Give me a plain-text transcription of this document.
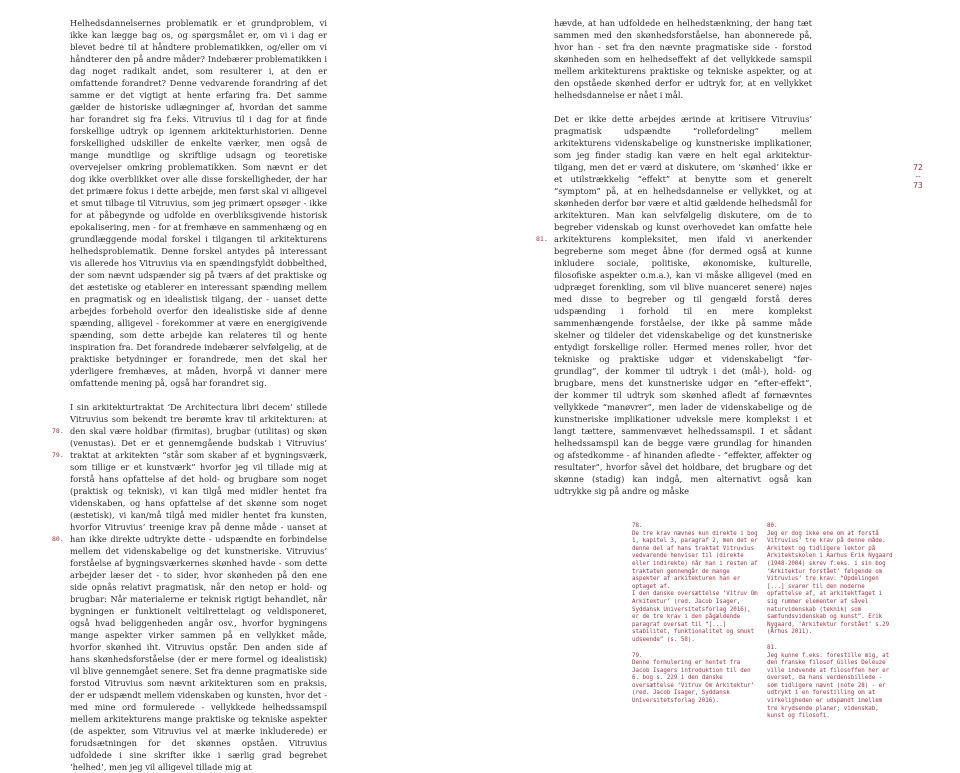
Helhedsdannelsernes problematik er et grundproblem, vi ikke kan lægge bag os, og spørgsmålet er, om vi i dag er blevet bedre til at håndtere problematikken, og/eller om vi håndterer den på andre måder? Indebærer problematikken i dag noget radikalt andet, som resulterer i, at den er omfattende forandret? Denne vedvarende forandring af det samme er det vigtigt at hente erfaring fra. Det samme gælder de historiske udlægninger af, hvordan det samme har forandret sig fra f.eks. Vitruvius til i dag for at finde forskellige udtryk op igennem arkitekturhistorien. Denne forskellighed udskiller de enkelte værker, men også de mange mundtlige og skriftlige udsagn og teoretiske overvejelser omkring problematikken. Som nævnt er det dog ikke overblikket over alle disse forskelligheder, der har det primære fokus i dette arbejde, men først skal vi alligevel et smut tilbage til Vitruvius, som jeg primært opsøger - ikke for at påbegynde og udfolde en overbliksgivende historisk epokalisering, men - for at fremhæve en sammenhæng og en grundlæggende modal forskel i tilgangen til arkitekturens helhedsproblematik. Denne forskel antydes på interessant vis allerede hos Vitruvius via en spændingsfyldt dobbelthed, der som nævnt udspænder sig på tværs af det praktiske og det æstetiske og etablerer en interessant spænding mellem en pragmatisk og en idealistisk tilgang, der - uanset dette arbejdes forbehold overfor den idealistiske side af denne spænding, alligevel - forekommer at være en energigivende spænding, som dette arbejde kan relateres til og hente inspiration fra. Det forandrede indebærer selvfølgelig, at de praktiske betydninger er forandrede, men det skal her yderligere fremhæves, at måden, hvorpå vi danner mere omfattende mening på, også har forandret sig.

I sin arkitekturtraktat ‘De Architectura libri decem’ stillede Vitruvius som bekendt tre berømte krav til arkitekturen: at den skal være holdbar (firmitas), brugbar (utilitas) og skøn (venustas). Det er et gennemgående budskab i Vitruvius’ traktat at arkitekten “står som skaber af et bygningsværk, som tillige er et kunstværk” hvorfor jeg vil tillade mig at forstå hans opfattelse af det hold- og brugbare som noget (praktisk og teknisk), vi kan tilgå med midler hentet fra videnskaben, og hans opfattelse af det skønne som noget (æstetisk), vi kan/må tilgå med midler hentet fra kunsten, hvorfor Vitruvius’ treenige krav på denne måde - uanset at han ikke direkte udtrykte dette - udspændte en forbindelse mellem det videnskabelige og det kunstneriske. Vitruvius’ forståelse af bygningsværkernes skønhed havde - som dette arbejder læser det - to sider, hvor skønheden på den ene side opnås relativt pragmatisk, når den netop er hold- og brugbar: Når materialerne er teknisk rigtigt behandlet, når bygningen er funktionelt veltilrettelagt og veldisponeret, også hvad beliggenheden angår osv., hvorfor bygningens mange aspekter virker sammen på en vellykket måde, hvorfor skønhed iht. Vitruvius opstår. Den anden side af hans skønhedsforståelse (der er mere formel og idealistisk) vil blive gennemgået senere. Set fra denne pragmatiske side forstod Vitruvius som nævnt arkitekturen som en praksis, der er udspændt mellem videnskaben og kunsten, hvor det - med mine ord formulerede - vellykkede helhedssamspil mellem arkitekturens mange praktiske og tekniske aspekter (de aspekter, som Vitruvius vel at mærke inkluderede) er forudsætningen for det skønnes opståen. Vitruvius udfoldede i sine skrifter ikke i særlig grad begrebet ‘helhed’, men jeg vil alligevel tillade mig at

78.
79.
80.

hævde, at han udfoldede en helhedstænkning, der hang tæt sammen med den skønhedsforståelse, han abonnerede på, hvor han - set fra den nævnte pragmatiske side - forstod skønheden som en helhedseffekt af det vellykkede samspil mellem arkitekturens praktiske og tekniske aspekter, og at den opståede skønhed derfor er udtryk for, at en vellykket helhedsdannelse er nået i mål.

Det er ikke dette arbejdes ærinde at kritisere Vitruvius’ pragmatisk udspændte “rollefordeling” mellem arkitekturens videnskabelige og kunstneriske implikationer, som jeg finder stadig kan være en helt egal arkitektur-tilgang, men det er værd at diskutere, om ‘skønhed’ ikke er et utilstrækkelig “effekt” at benytte som et generelt “symptom” på, at en helhedsdannelse er vellykket, og at skønheden derfor bør være et altid gældende helhedsmål for arkitekturen. Man kan selvfølgelig diskutere, om de to begreber videnskab og kunst overhovedet kan omfatte hele arkitekturens kompleksitet, men ifald vi anerkender begreberne som meget åbne (for dermed også at kunne inkludere sociale, politiske, økonomiske, kulturelle, filosofiske aspekter o.m.a.), kan vi måske alligevel (med en udpræget forenkling, som vil blive nuanceret senere) nøjes med disse to begreber og til gengæld forstå deres udspænding i forhold til en mere komplekst sammenhængende forståelse, der ikke på samme måde skelner og tildeler det videnskabelige og det kunstneriske entydigt forskellige roller. Hermed menes roller, hvor det tekniske og praktiske udgør et videnskabeligt “før-grundlag”, der kommer til udtryk i det (mål-), hold- og brugbare, mens det kunstneriske udgør en “efter-effekt”, der kommer til udtryk som skønhed afledt af førnævntes vellykkede “manøvrer”, men lader de videnskabelige og de kunstneriske implikationer udveksle mere komplekst i et langt tættere, sammenvævet helhedssamspil. I et sådant helhedssamspil kan de begge være grundlag for hinanden og afstedkomme - af hinanden afledte - “effekter, affekter og resultater”, hvorfor såvel det holdbare, det brugbare og det skønne (stadig) kan indgå, men alternativt også kan udtrykke sig på andre og måske

81.
72
—
73
78.
De tre krav nævnes kun direkte i bog 1, kapitel 3, paragraf 2, men det er denne del af hans traktat Vitruvius vedvarende henviser til (direkte eller indirekte) når han i resten af traktaten gennemgår de mange aspekter af arkitekturen han er optaget af.
I den danske oversættelse ‘Vitruv Om Arkitektur’ (red. Jacob Isager, Syddansk Universitetsforlag 2016), er de tre krav i den pågældende paragraf oversat til “[...] stabilitet, funktionalitet og smukt udseende” (s. 58).
79.
Denne formulering er hentet fra Jacob Isagers introduktion til den 6. bog s. 229 i den danske oversættelse ‘Vitruv Om Arkitektur’ (red. Jacob Isager, Syddansk Universitetsforlag 2016).
80.
Jeg er dog ikke ene om at forstå Vitruvius’ tre krav på denne måde. Arkitekt og tidligere lektor på Arkitektskolen i Aarhus Erik Nygaard (1948-2004) skrev f.eks. i sin bog ‘Arkitektur forstået’ følgende om Vitruvius’ tre krav: “Opdelingen [...] svarer til den moderne opfattelse af, at arkitektfaget i sig rummer elementer af såvel naturvidenskab (teknik) som samfundsvidenskab og kunst”. Erik Nygaard, ‘Arkitektur forstået’ s.29 (Århus 2011).
81.
Jeg kunne f.eks. forestille mig, at den franske filosof Gilles Deleuze ville indvende at filosoffen her er overset, da hans verdensbillede - som tidligere nævnt (note 28) - er udtrykt i en forestilling om at virkeligheden er udspændt imellem tre krydsende planer; videnskab, kunst og filosofi.
